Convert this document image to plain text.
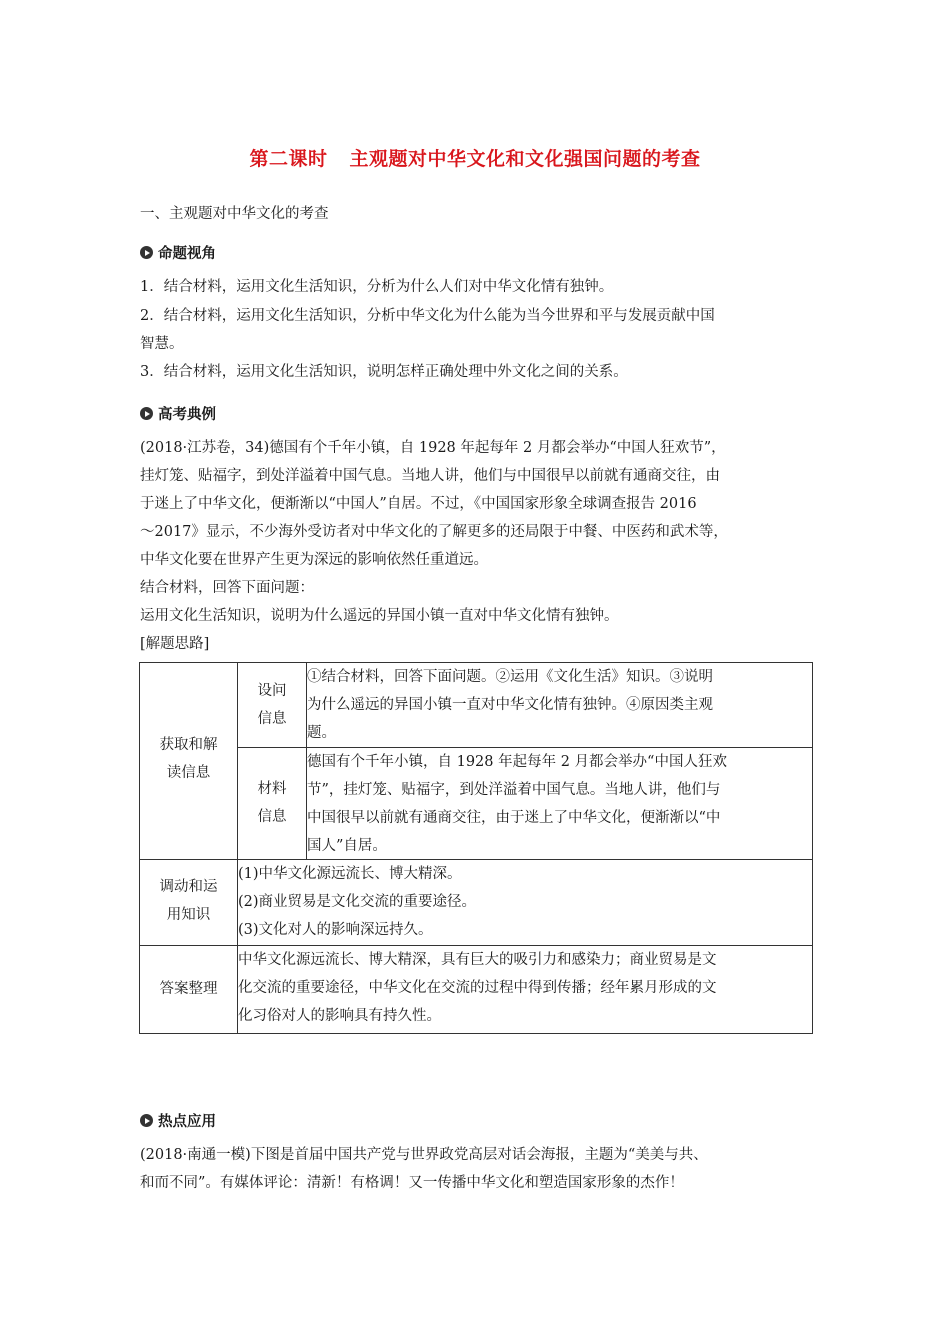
第二课时 主观题对中华文化和文化强国问题的考查
一、主观题对中华文化的考查
命题视角
1．结合材料，运用文化生活知识，分析为什么人们对中华文化情有独钟。
2．结合材料，运用文化生活知识，分析中华文化为什么能为当今世界和平与发展贡献中国
智慧。
3．结合材料，运用文化生活知识，说明怎样正确处理中外文化之间的关系。
高考典例
(2018·江苏卷，34)德国有个千年小镇，自 1928 年起每年 2 月都会举办“中国人狂欢节”，
挂灯笼、贴福字，到处洋溢着中国气息。当地人讲，他们与中国很早以前就有通商交往，由
于迷上了中华文化，便渐渐以“中国人”自居。不过，《中国国家形象全球调查报告 2016
～2017》显示，不少海外受访者对中华文化的了解更多的还局限于中餐、中医药和武术等，
中华文化要在世界产生更为深远的影响依然任重道远。
结合材料，回答下面问题：
运用文化生活知识，说明为什么遥远的异国小镇一直对中华文化情有独钟。
[解题思路]
获取和解
读信息
设问
信息
①结合材料，回答下面问题。②运用《文化生活》知识。③说明
为什么遥远的异国小镇一直对中华文化情有独钟。④原因类主观
题。
材料
信息
德国有个千年小镇，自 1928 年起每年 2 月都会举办“中国人狂欢
节”，挂灯笼、贴福字，到处洋溢着中国气息。当地人讲，他们与
中国很早以前就有通商交往，由于迷上了中华文化，便渐渐以“中
国人”自居。
调动和运
用知识
(1)中华文化源远流长、博大精深。
(2)商业贸易是文化交流的重要途径。
(3)文化对人的影响深远持久。
答案整理
中华文化源远流长、博大精深，具有巨大的吸引力和感染力；商业贸易是文
化交流的重要途径，中华文化在交流的过程中得到传播；经年累月形成的文
化习俗对人的影响具有持久性。
热点应用
(2018·南通一模)下图是首届中国共产党与世界政党高层对话会海报，主题为“美美与共、
和而不同”。有媒体评论：清新！有格调！又一传播中华文化和塑造国家形象的杰作！
